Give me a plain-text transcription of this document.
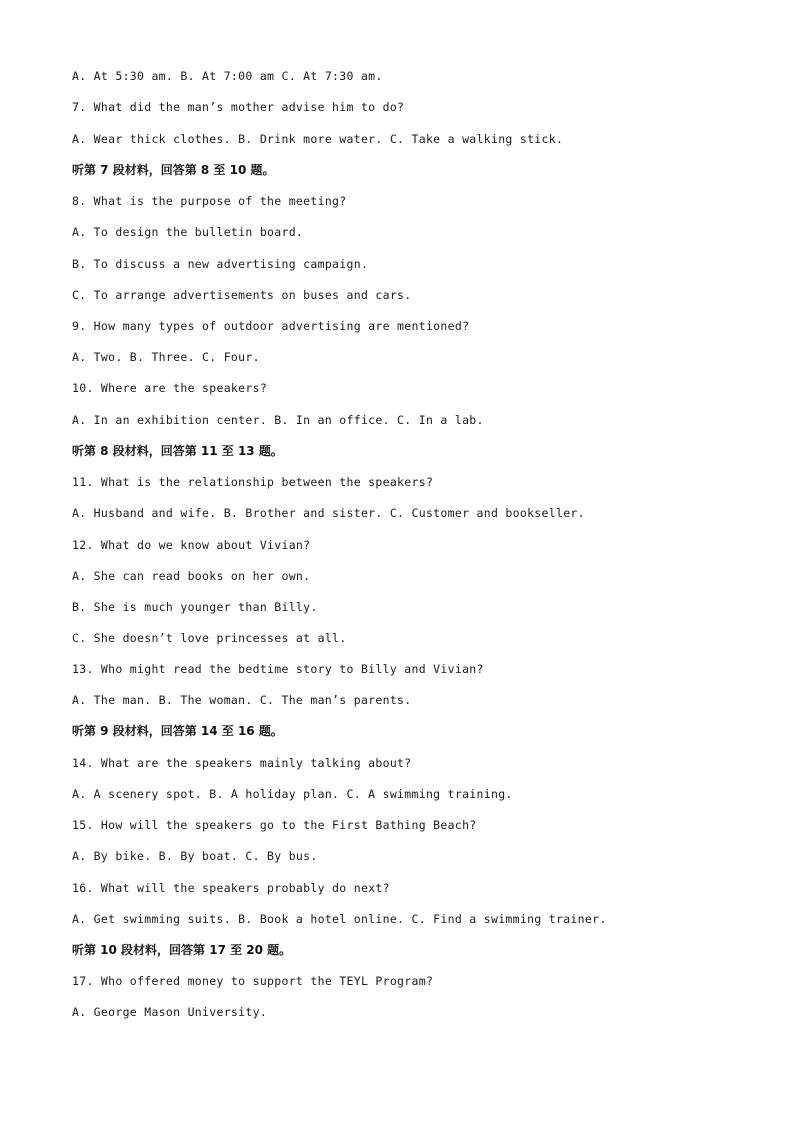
A. At 5:30 am. B. At 7:00 am C. At 7:30 am.
7. What did the man’s mother advise him to do?
A. Wear thick clothes. B. Drink more water. C. Take a walking stick.
听第 7 段材料，回答第 8 至 10 题。
8. What is the purpose of the meeting?
A. To design the bulletin board.
B. To discuss a new advertising campaign.
C. To arrange advertisements on buses and cars.
9. How many types of outdoor advertising are mentioned?
A. Two. B. Three. C. Four.
10. Where are the speakers?
A. In an exhibition center. B. In an office. C. In a lab.
听第 8 段材料，回答第 11 至 13 题。
11. What is the relationship between the speakers?
A. Husband and wife. B. Brother and sister. C. Customer and bookseller.
12. What do we know about Vivian?
A. She can read books on her own.
B. She is much younger than Billy.
C. She doesn’t love princesses at all.
13. Who might read the bedtime story to Billy and Vivian?
A. The man. B. The woman. C. The man’s parents.
听第 9 段材料，回答第 14 至 16 题。
14. What are the speakers mainly talking about?
A. A scenery spot. B. A holiday plan. C. A swimming training.
15. How will the speakers go to the First Bathing Beach?
A. By bike. B. By boat. C. By bus.
16. What will the speakers probably do next?
A. Get swimming suits. B. Book a hotel online. C. Find a swimming trainer.
听第 10 段材料，回答第 17 至 20 题。
17. Who offered money to support the TEYL Program?
A. George Mason University.
